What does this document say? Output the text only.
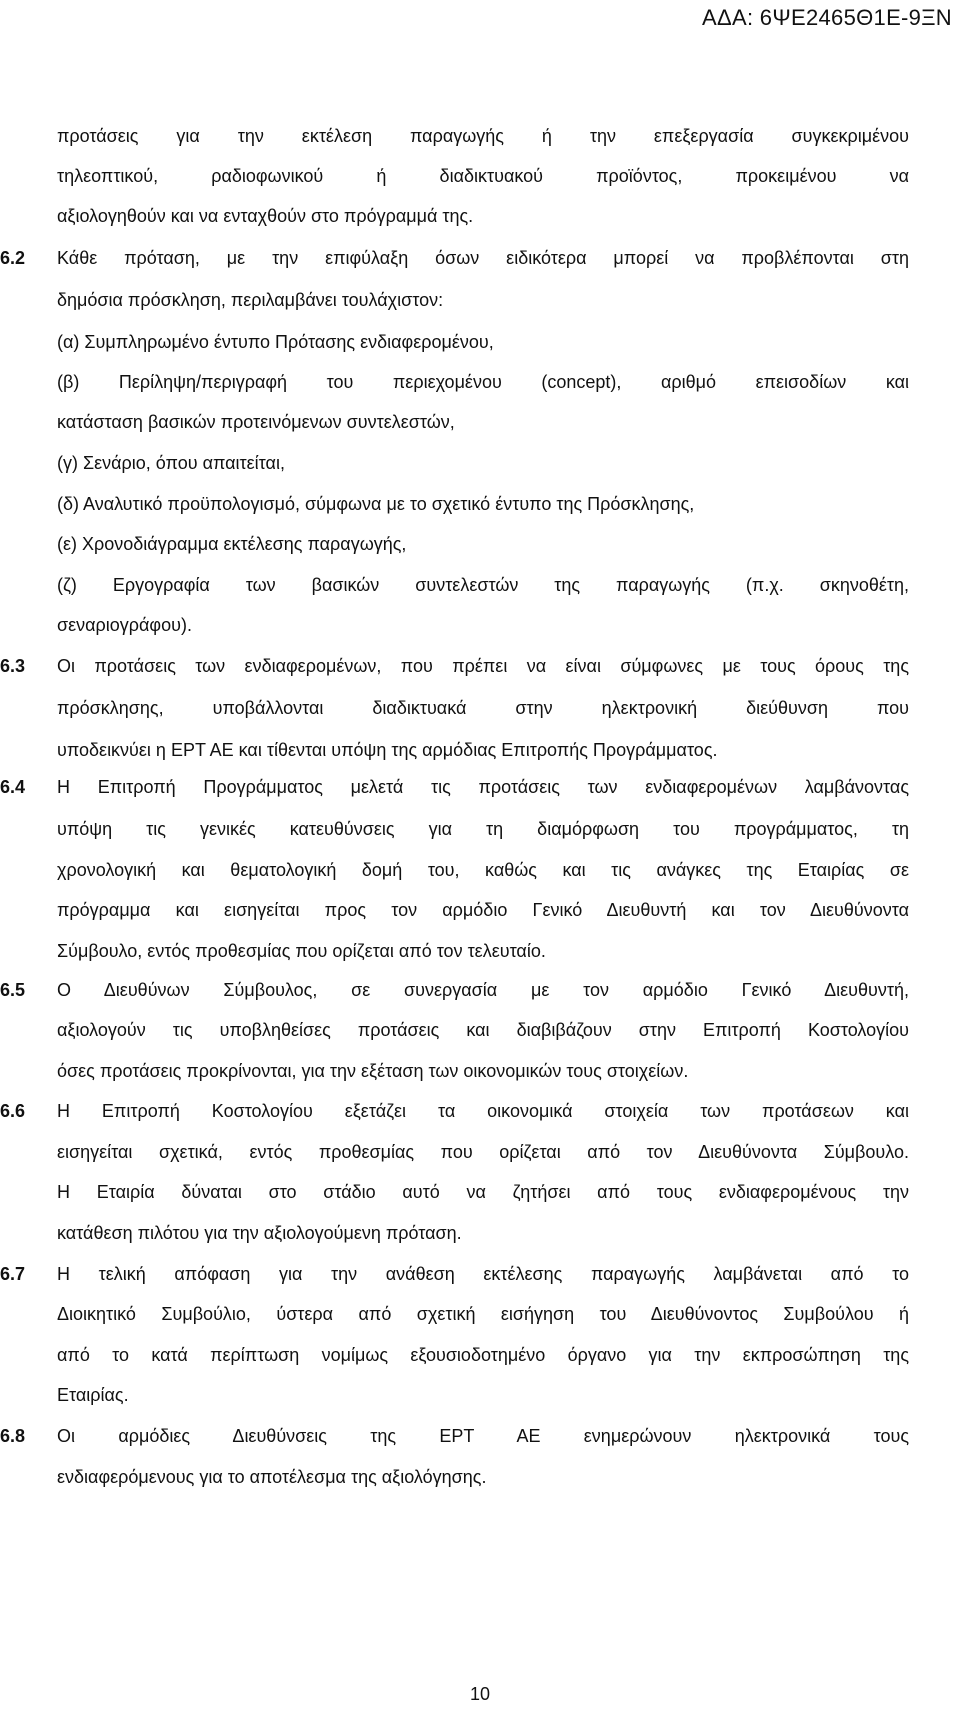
ΑΔΑ: 6ΨΕ2465Θ1Ε-9ΞΝ
προτάσεις για την εκτέλεση παραγωγής ή την επεξεργασία συγκεκριμένου
τηλεοπτικού, ραδιοφωνικού ή διαδικτυακού προϊόντος, προκειμένου να
αξιολογηθούν και να ενταχθούν στο πρόγραμμά της.
6.2 Κάθε πρόταση, με την επιφύλαξη όσων ειδικότερα μπορεί να προβλέπονται στη
δημόσια πρόσκληση, περιλαμβάνει τουλάχιστον:
(α) Συμπληρωμένο έντυπο Πρότασης ενδιαφερομένου,
(β) Περίληψη/περιγραφή του περιεχομένου (concept), αριθμό επεισοδίων και
κατάσταση βασικών προτεινόμενων συντελεστών,
(γ) Σενάριο, όπου απαιτείται,
(δ) Αναλυτικό προϋπολογισμό, σύμφωνα με το σχετικό έντυπο της Πρόσκλησης,
(ε) Χρονοδιάγραμμα εκτέλεσης παραγωγής,
(ζ) Εργογραφία των βασικών συντελεστών της παραγωγής (π.χ. σκηνοθέτη,
σεναριογράφου).
6.3 Οι προτάσεις των ενδιαφερομένων, που πρέπει να είναι σύμφωνες με τους όρους της
πρόσκλησης, υποβάλλονται διαδικτυακά στην ηλεκτρονική διεύθυνση που
υποδεικνύει η ΕΡΤ ΑΕ και τίθενται υπόψη της αρμόδιας Επιτροπής Προγράμματος.
6.4 Η Επιτροπή Προγράμματος μελετά τις προτάσεις των ενδιαφερομένων λαμβάνοντας
υπόψη τις γενικές κατευθύνσεις για τη διαμόρφωση του προγράμματος, τη
χρονολογική και θεματολογική δομή του, καθώς και τις ανάγκες της Εταιρίας σε
πρόγραμμα και εισηγείται προς τον αρμόδιο Γενικό Διευθυντή και τον Διευθύνοντα
Σύμβουλο, εντός προθεσμίας που ορίζεται από τον τελευταίο.
6.5 Ο Διευθύνων Σύμβουλος, σε συνεργασία με τον αρμόδιο Γενικό Διευθυντή,
αξιολογούν τις υποβληθείσες προτάσεις και διαβιβάζουν στην Επιτροπή Κοστολογίου
όσες προτάσεις προκρίνονται, για την εξέταση των οικονομικών τους στοιχείων.
6.6 Η Επιτροπή Κοστολογίου εξετάζει τα οικονομικά στοιχεία των προτάσεων και
εισηγείται σχετικά, εντός προθεσμίας που ορίζεται από τον Διευθύνοντα Σύμβουλο.
Η Εταιρία δύναται στο στάδιο αυτό να ζητήσει από τους ενδιαφερομένους την
κατάθεση πιλότου για την αξιολογούμενη πρόταση.
6.7 Η τελική απόφαση για την ανάθεση εκτέλεσης παραγωγής λαμβάνεται από το
Διοικητικό Συμβούλιο, ύστερα από σχετική εισήγηση του Διευθύνοντος Συμβούλου ή
από το κατά περίπτωση νομίμως εξουσιοδοτημένο όργανο για την εκπροσώπηση της
Εταιρίας.
6.8 Οι αρμόδιες Διευθύνσεις της ΕΡΤ ΑΕ ενημερώνουν ηλεκτρονικά τους
ενδιαφερόμενους για το αποτέλεσμα της αξιολόγησης.
10
